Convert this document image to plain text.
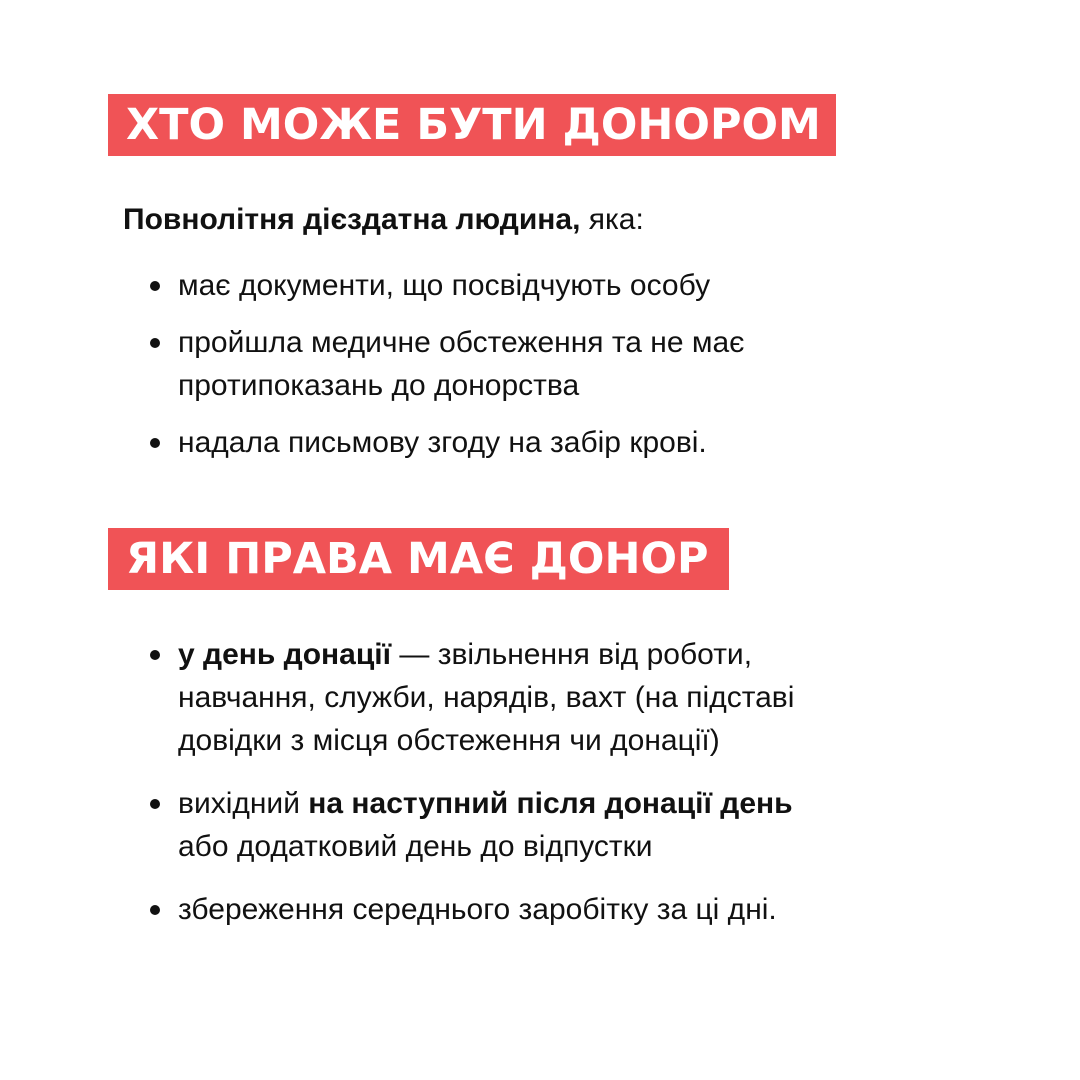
ХТО МОЖЕ БУТИ ДОНОРОМ
Повнолітня дієздатна людина, яка:
має документи, що посвідчують особу
пройшла медичне обстеження та не має
протипоказань до донорства
надала письмову згоду на забір крові.
ЯКІ ПРАВА МАЄ ДОНОР
у день донації — звільнення від роботи,
навчання, служби, нарядів, вахт (на підставі
довідки з місця обстеження чи донації)
вихідний на наступний після донації день
або додатковий день до відпустки
збереження середнього заробітку за ці дні.
